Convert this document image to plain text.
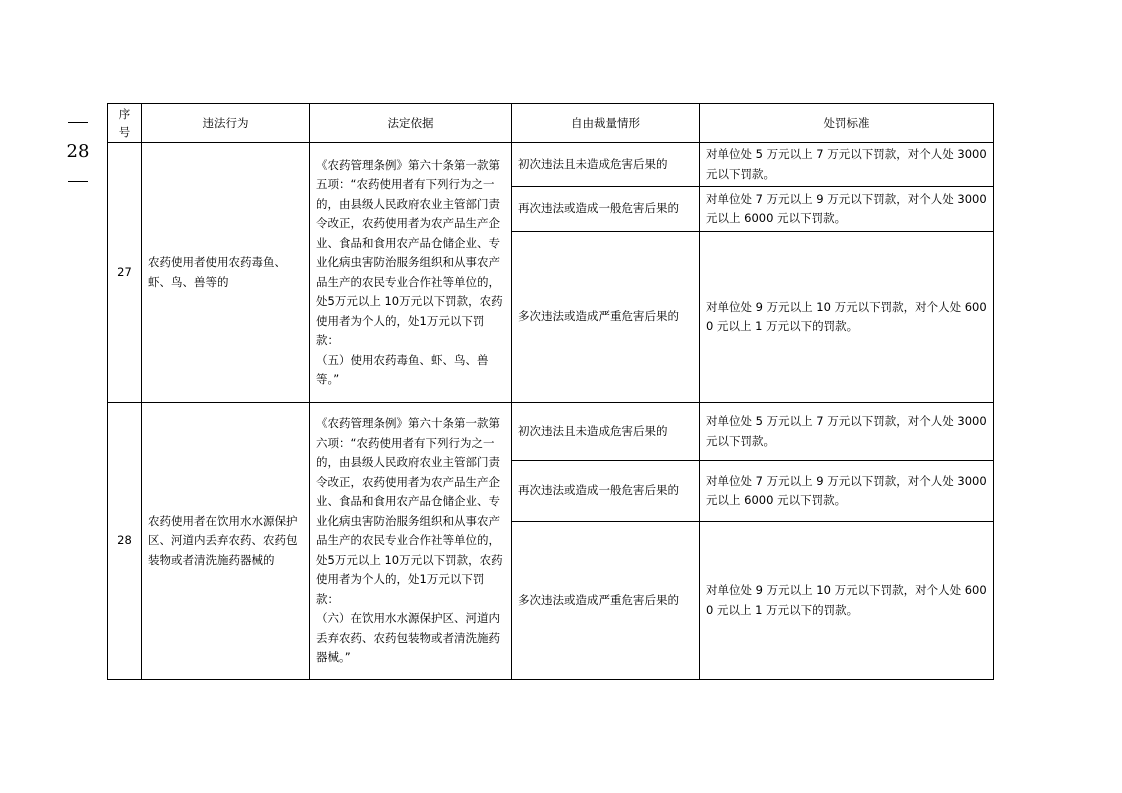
28
序号	违法行为	法定依据	自由裁量情形	处罚标准
27	农药使用者使用农药毒鱼、虾、鸟、兽等的	《农药管理条例》第六十条第一款第五项：“农药使用者有下列行为之一的，由县级人民政府农业主管部门责令改正，农药使用者为农产品生产企业、食品和食用农产品仓储企业、专业化病虫害防治服务组织和从事农产品生产的农民专业合作社等单位的，处5万元以上 10万元以下罚款，农药使用者为个人的，处1万元以下罚款：

（五）使用农药毒鱼、虾、鸟、兽等。”	初次违法且未造成危害后果的	对单位处 5 万元以上 7 万元以下罚款，对个人处 3000 元以下罚款。
			再次违法或造成一般危害后果的	对单位处 7 万元以上 9 万元以下罚款，对个人处 3000 元以上 6000 元以下罚款。
			多次违法或造成严重危害后果的	对单位处 9 万元以上 10 万元以下罚款，对个人处 6000 元以上 1 万元以下的罚款。
28	农药使用者在饮用水水源保护区、河道内丢弃农药、农药包装物或者清洗施药器械的	《农药管理条例》第六十条第一款第六项：“农药使用者有下列行为之一的，由县级人民政府农业主管部门责令改正，农药使用者为农产品生产企业、食品和食用农产品仓储企业、专业化病虫害防治服务组织和从事农产品生产的农民专业合作社等单位的，处5万元以上 10万元以下罚款，农药使用者为个人的，处1万元以下罚款：

（六）在饮用水水源保护区、河道内丢弃农药、农药包装物或者清洗施药器械。”	初次违法且未造成危害后果的	对单位处 5 万元以上 7 万元以下罚款，对个人处 3000 元以下罚款。
			再次违法或造成一般危害后果的	对单位处 7 万元以上 9 万元以下罚款，对个人处 3000 元以上 6000 元以下罚款。
			多次违法或造成严重危害后果的	对单位处 9 万元以上 10 万元以下罚款，对个人处 6000 元以上 1 万元以下的罚款。
